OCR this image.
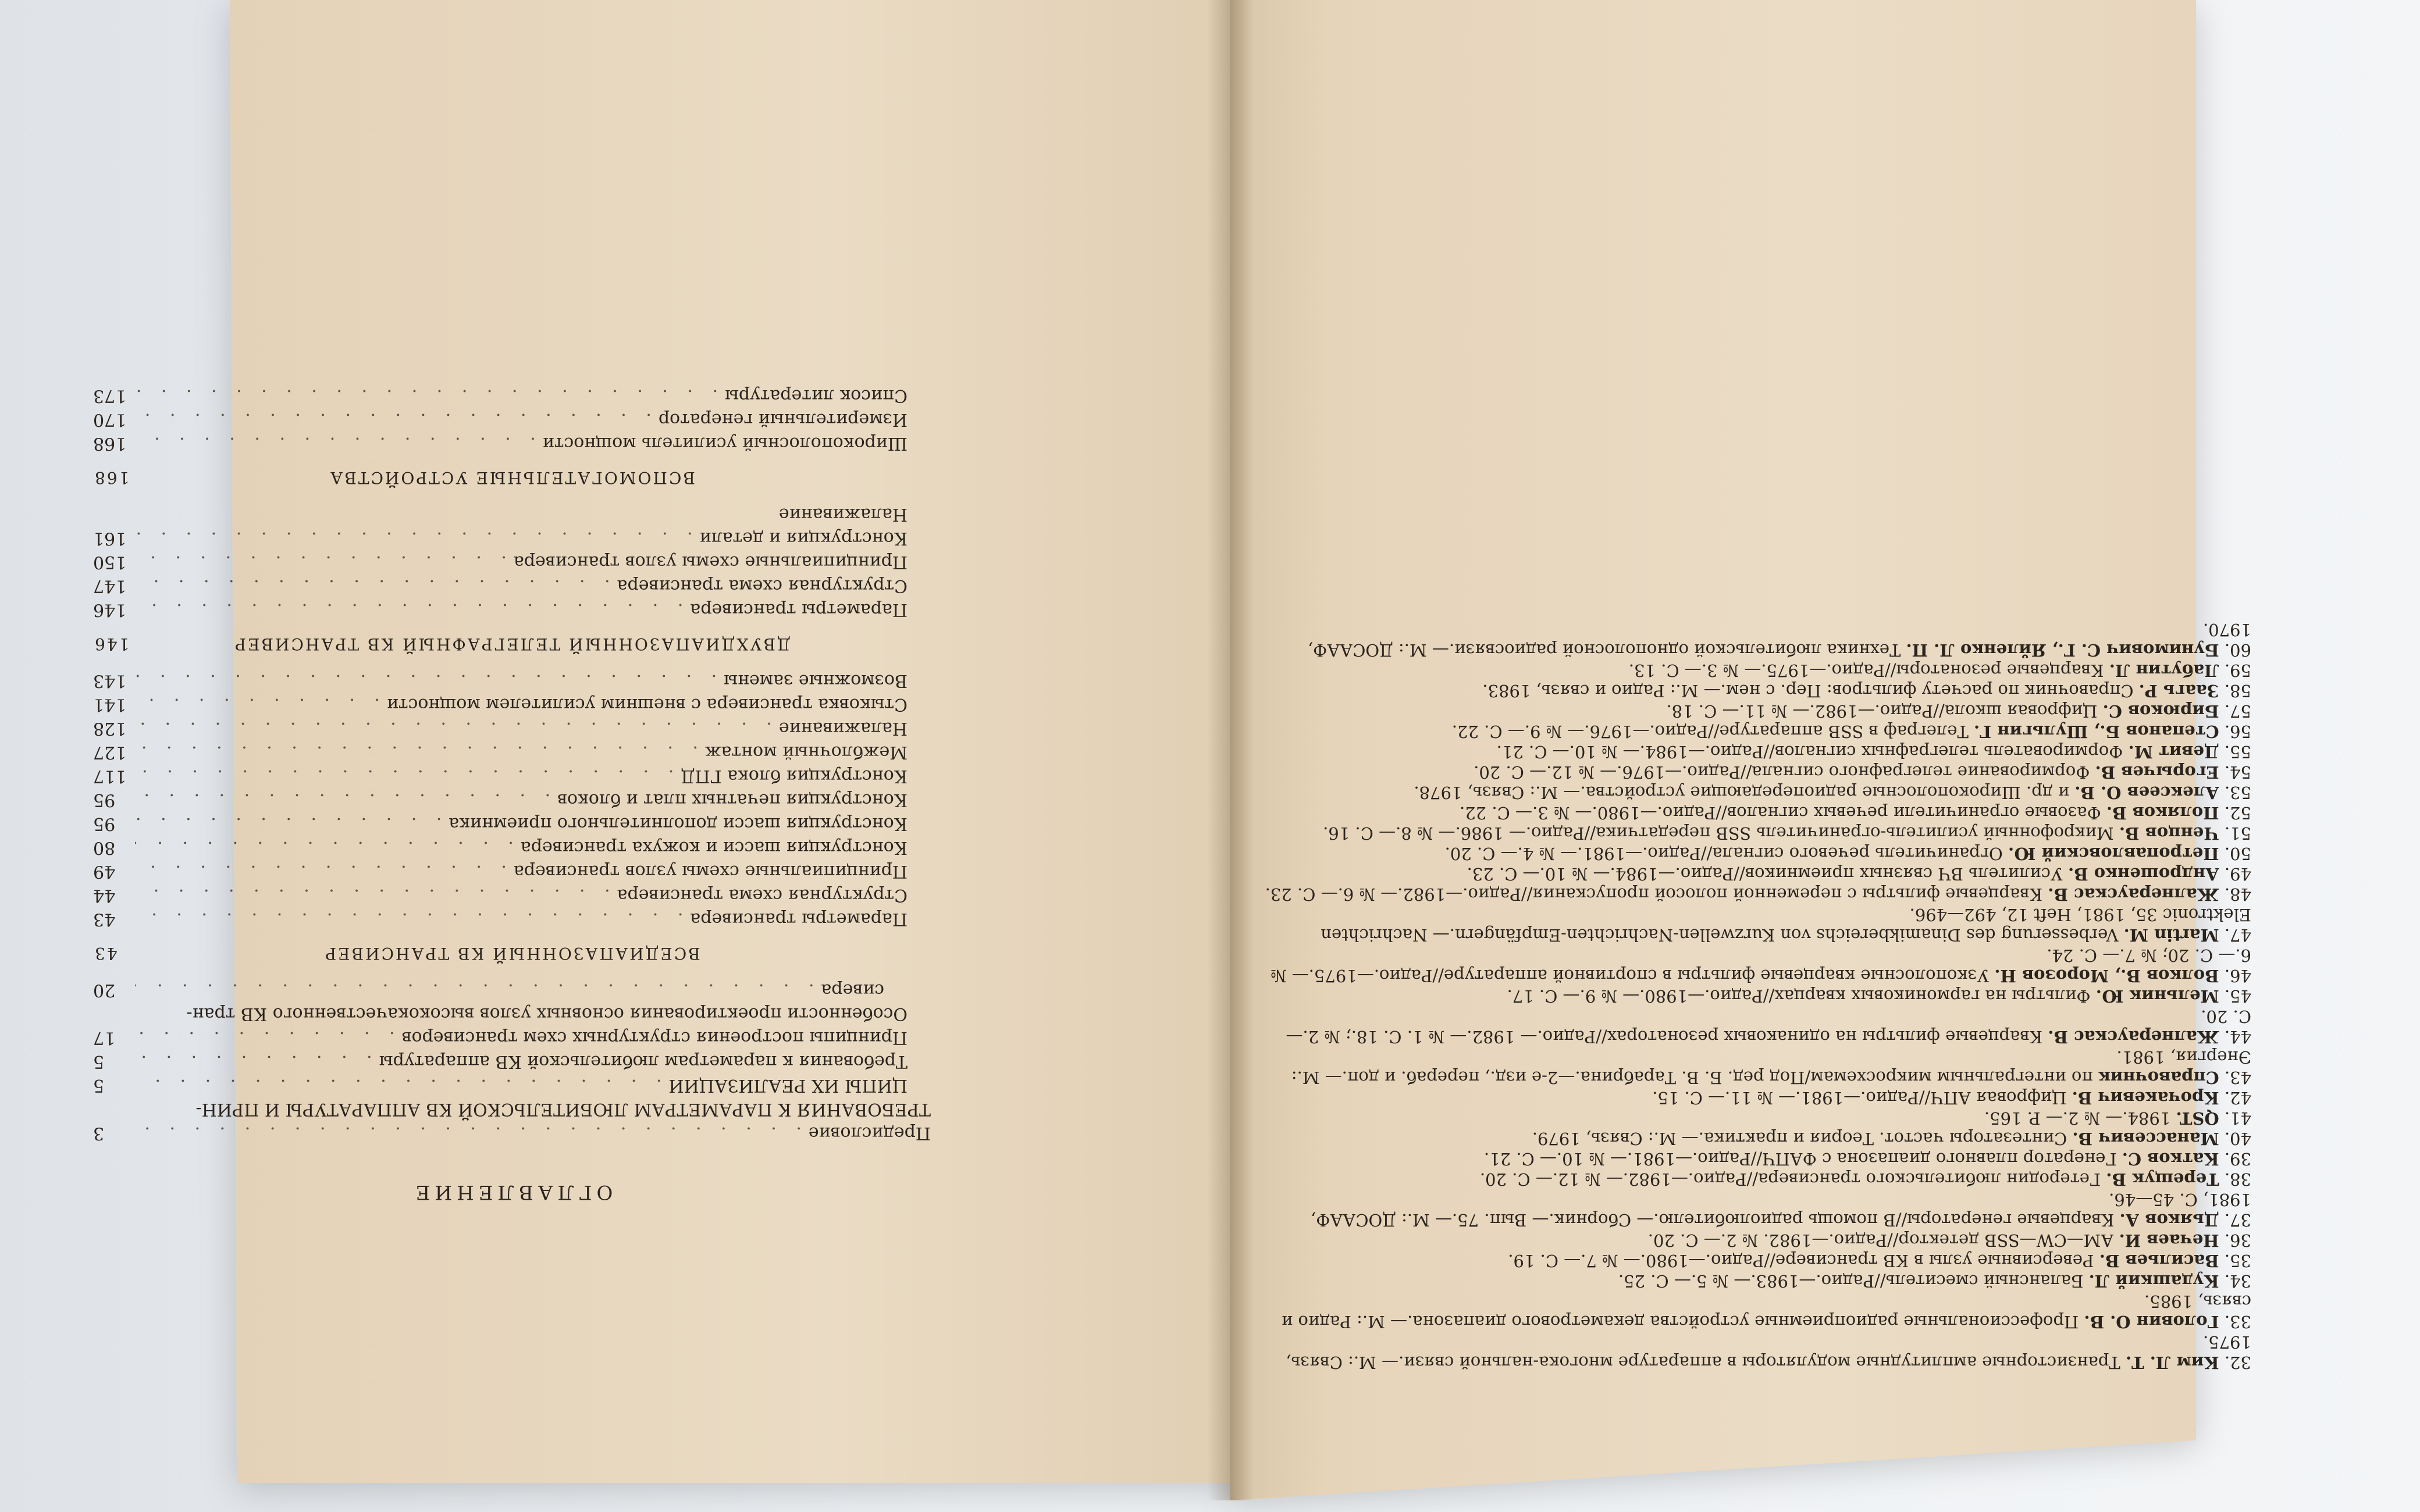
ОГЛАВЛЕНИЕ
Предисловие
. . .
3
ТРЕБОВАНИЯ К ПАРАМЕТРАМ ЛЮБИТЕЛЬСКОЙ КВ АППАРАТУРЫ И ПРИН-
ЦИПЫ ИХ РЕАЛИЗАЦИИ
. . .
5
Требования к параметрам любительской КВ аппаратуры
. . .
5
Принципы построения структурных схем трансиверов
. . .
17
Особенности проектирования основных узлов высококачественного КВ тран-
сивера
. . .
20
ВСЕДИАПАЗОННЫЙ КВ ТРАНСИВЕР
43
Параметры трансивера
. . .
43
Структурная схема трансивера
. . .
44
Принципиальные схемы узлов трансивера
. . .
49
Конструкция шасси и кожуха трансивера
. . .
80
Конструкция шасси дополнительного приемника
. . .
95
Конструкция печатных плат и блоков
. . .
95
Конструкция блока ГПД
. . .
117
Межблочный монтаж
. . .
127
Налаживание
. . .
128
Стыковка трансивера с внешним усилителем мощности
. . .
141
Возможные замены
. . .
143
ДВУХДИАПАЗОННЫЙ ТЕЛЕГРАФНЫЙ КВ ТРАНСИВЕР
146
Параметры трансивера
. . .
146
Структурная схема трансивера
. . .
147
Принципиальные схемы узлов трансивера
. . .
150
Конструкция и детали
. . .
161
Налаживание
ВСПОМОГАТЕЛЬНЫЕ УСТРОЙСТВА
168
Широкополосный усилитель мощности
. . .
168
Измерительный генератор
. . .
170
Список литературы
. . .
173

32. Ким Л. Т. Транзисторные амплитудные модуляторы в аппаратуре многока-нальной связи.— М.: Связь, 1975.

33. Головин О. В. Профессиональные радиоприемные устройства декаметрового диапазона.— М.: Радио и связь, 1985.

34. Кудашкий Л. Балансный смеситель//Радио.—1983.— № 5.— С. 25.

35. Васильев В. Реверсивные узлы в КВ трансивере//Радио.—1980.— № 7.— С. 19.

36. Нечаев И. АМ—CW—SSB детектор//Радио.—1982. № 2.— С. 20.

37. Дьяков А. Кварцевые генераторы//В помощь радиолюбителю.— Сборник.— Вып. 75.— М.: ДОСААФ, 1981, С. 45—46.

38. Терещук В. Гетеродин любительского трансивера//Радио.—1982.— № 12.— С. 20.

39. Катков С. Генератор плавного диапазона с ФАПЧ//Радио.—1981.— № 10.— С. 21.

40. Манассевич В. Синтезаторы частот. Теория и практика.— М.: Связь, 1979.

41. QST. 1984.— № 2.— P. 165.

42. Крочакевич В. Цифровая АПЧ//Радио.—1981.— № 11.— С. 15.

43. Справочник по интегральным микросхемам/Под ред. Б. В. Тарабрина.—2-е изд., перераб. и доп.— М.: Энергия, 1981.

44. Жалнераускас В. Кварцевые фильтры на одинаковых резонаторах//Радио.— 1982.— № 1. С. 18.; № 2.— С. 20.

45. Мельник Ю. Фильтры на гармониковых кварцах//Радио.—1980.— № 9.— С. 17.

46. Волков В., Морозов Н. Узкополосные кварцевые фильтры в спортивной аппаратуре//Радио.—1975.— № 6.— С. 20; № 7.— С. 24.

47. Martin M. Verbesserung des Dinamikbereichs von Kurzwellen-Nachrichten-Empfängern.— Nachrichten Elektronic 35, 1981, Heft 12, 492—496.

48. Жалнераускас В. Кварцевые фильтры с переменной полосой пропускания//Радио.—1982.— № 6.— С. 23.

49. Андрошенко В. Усилитель ВЧ связных приемников//Радио.—1984.— № 10.— С. 23.

50. Петропавловский Ю. Ограничитель речевого сигнала//Радио.—1981.— № 4.— С. 20.

51. Ченцов В. Микрофонный усилитель-ограничитель SSB передатчика//Радио.— 1986.— № 8.— С. 16.

52. Поляков В. Фазовые ограничители речевых сигналов//Радио.—1980.— № 3.— С. 22.

53. Алексеев О. В. и др. Широкополосные радиопередающие устройства.— М.: Связь, 1978.

54. Егорычев В. Формирование телеграфного сигнала//Радио.—1976.— № 12.— С. 20.

55. Девит М. Формирователь телеграфных сигналов//Радио.—1984.— № 10.— С. 21.

56. Степанов Б., Шульгин Г. Телеграф в SSB аппаратуре//Радио.—1976.— № 9.— С. 22.

57. Бирюков С. Цифровая школа//Радио.—1982.— № 11.— С. 18.

58. Заагь Р. Справочник по расчету фильтров: Пер. с нем.— М.: Радио и связь, 1983.

59. Лабутин Л. Кварцевые резонаторы//Радио.—1975.— № 3.— С. 13.

60. Бунимович С. Г., Яйленко Л. П. Техника любительской однополосной радиосвязи.— М.: ДОСААФ, 1970.
